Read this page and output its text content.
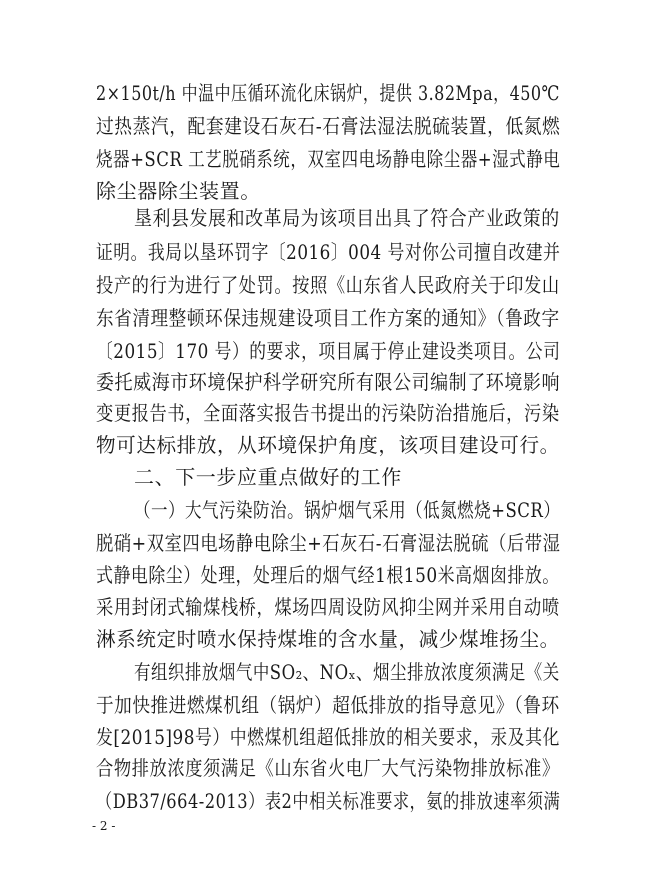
2×150t/h 中温中压循环流化床锅炉，提供 3.82Mpa，450℃
过热蒸汽，配套建设石灰石-石膏法湿法脱硫装置，低氮燃
烧器+SCR 工艺脱硝系统，双室四电场静电除尘器+湿式静电
除尘器除尘装置。
垦利县发展和改革局为该项目出具了符合产业政策的
证明。我局以垦环罚字〔2016〕004 号对你公司擅自改建并
投产的行为进行了处罚。按照《山东省人民政府关于印发山
东省清理整顿环保违规建设项目工作方案的通知》（鲁政字
〔2015〕170 号）的要求，项目属于停止建设类项目。公司
委托威海市环境保护科学研究所有限公司编制了环境影响
变更报告书，全面落实报告书提出的污染防治措施后，污染
物可达标排放，从环境保护角度，该项目建设可行。
二、下一步应重点做好的工作
（一）大气污染防治。锅炉烟气采用（低氮燃烧+SCR）
脱硝+双室四电场静电除尘+石灰石-石膏湿法脱硫（后带湿
式静电除尘）处理，处理后的烟气经1根150米高烟囱排放。
采用封闭式输煤栈桥，煤场四周设防风抑尘网并采用自动喷
淋系统定时喷水保持煤堆的含水量，减少煤堆扬尘。
有组织排放烟气中SO₂、NOₓ、烟尘排放浓度须满足《关
于加快推进燃煤机组（锅炉）超低排放的指导意见》（鲁环
发[2015]98号）中燃煤机组超低排放的相关要求，汞及其化
合物排放浓度须满足《山东省火电厂大气污染物排放标准》
（DB37/664-2013）表2中相关标准要求，氨的排放速率须满
- 2 -
